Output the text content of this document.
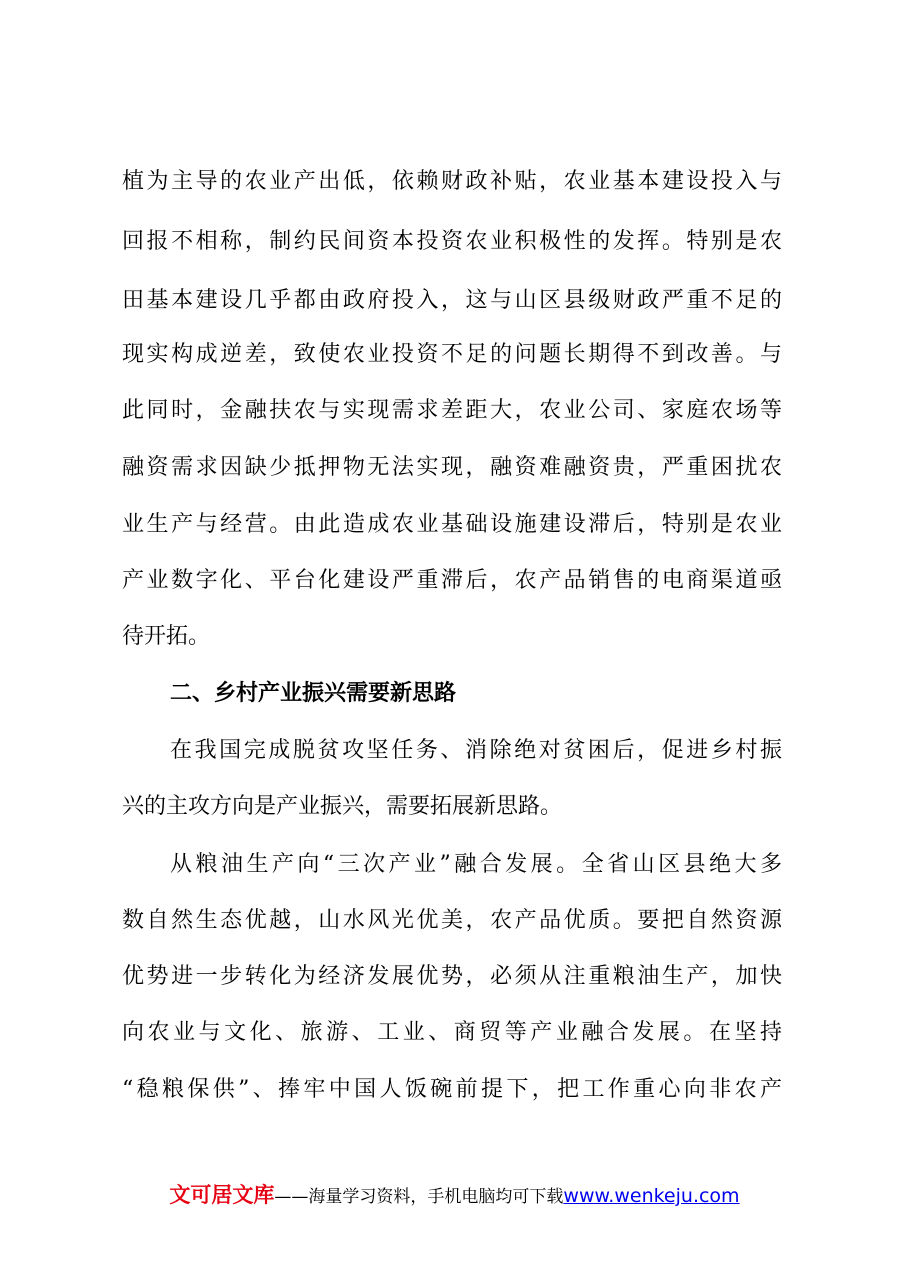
植为主导的农业产出低，依赖财政补贴，农业基本建设投入与
回报不相称，制约民间资本投资农业积极性的发挥。特别是农
田基本建设几乎都由政府投入，这与山区县级财政严重不足的
现实构成逆差，致使农业投资不足的问题长期得不到改善。与
此同时，金融扶农与实现需求差距大，农业公司、家庭农场等
融资需求因缺少抵押物无法实现，融资难融资贵，严重困扰农
业生产与经营。由此造成农业基础设施建设滞后，特别是农业
产业数字化、平台化建设严重滞后，农产品销售的电商渠道亟
待开拓。
二、乡村产业振兴需要新思路
在我国完成脱贫攻坚任务、消除绝对贫困后，促进乡村振
兴的主攻方向是产业振兴，需要拓展新思路。
从粮油生产向“三次产业”融合发展。全省山区县绝大多
数自然生态优越，山水风光优美，农产品优质。要把自然资源
优势进一步转化为经济发展优势，必须从注重粮油生产，加快
向农业与文化、旅游、工业、商贸等产业融合发展。在坚持
“稳粮保供”、捧牢中国人饭碗前提下，把工作重心向非农产
文可居文库——海量学习资料，手机电脑均可下载www.wenkeju.com
